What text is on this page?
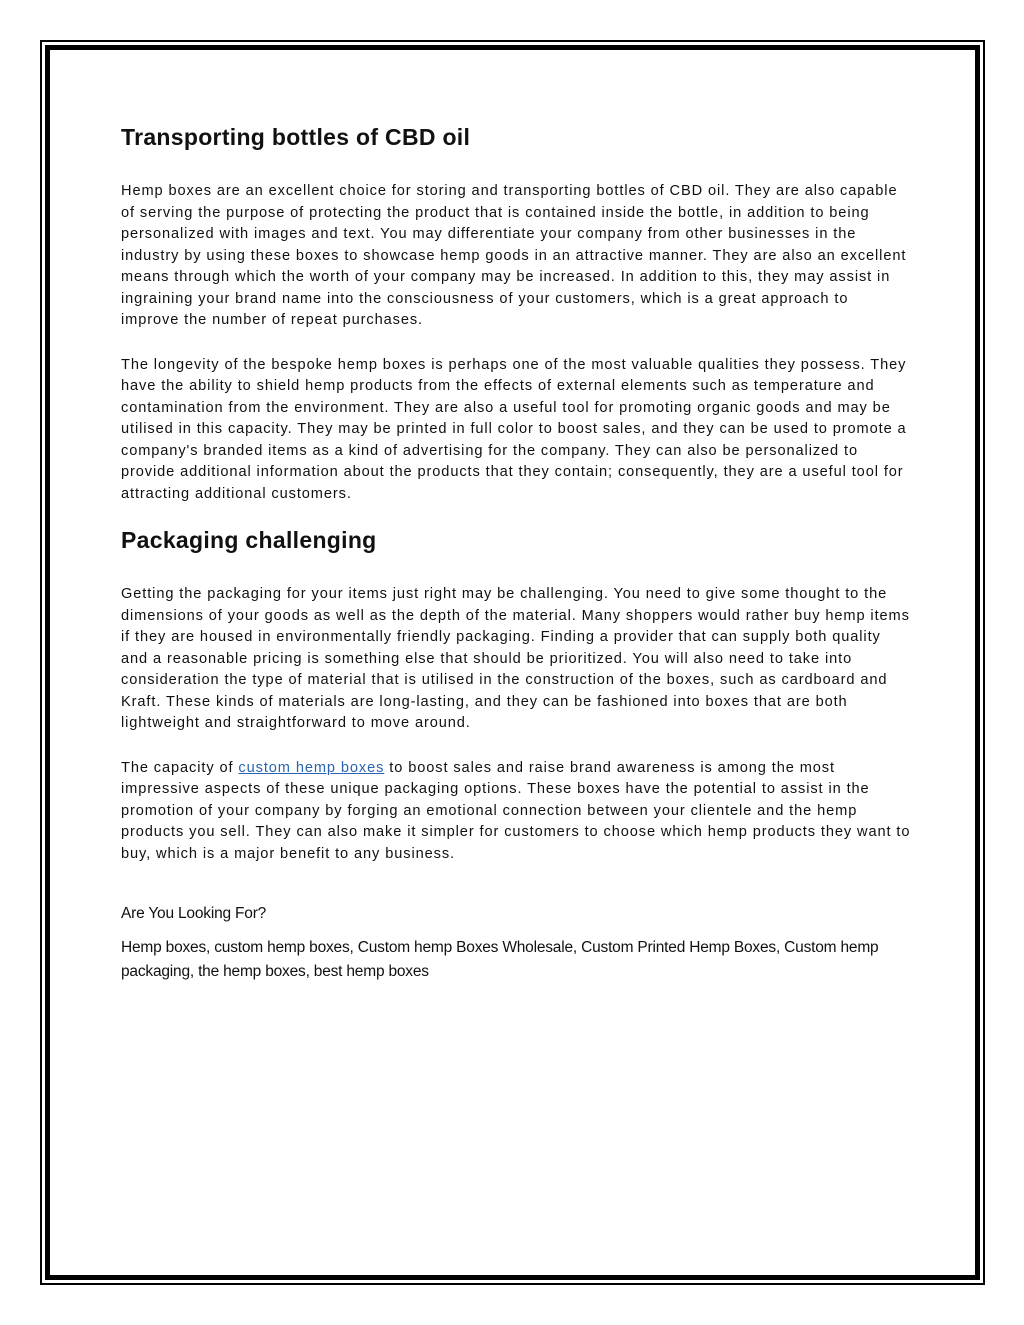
Transporting bottles of CBD oil

Hemp boxes are an excellent choice for storing and transporting bottles of CBD oil. They are also capable of serving the purpose of protecting the product that is contained inside the bottle, in addition to being personalized with images and text. You may differentiate your company from other businesses in the industry by using these boxes to showcase hemp goods in an attractive manner. They are also an excellent means through which the worth of your company may be increased. In addition to this, they may assist in ingraining your brand name into the consciousness of your customers, which is a great approach to improve the number of repeat purchases.

The longevity of the bespoke hemp boxes is perhaps one of the most valuable qualities they possess. They have the ability to shield hemp products from the effects of external elements such as temperature and contamination from the environment. They are also a useful tool for promoting organic goods and may be utilised in this capacity. They may be printed in full color to boost sales, and they can be used to promote a company's branded items as a kind of advertising for the company. They can also be personalized to provide additional information about the products that they contain; consequently, they are a useful tool for attracting additional customers.

Packaging challenging

Getting the packaging for your items just right may be challenging. You need to give some thought to the dimensions of your goods as well as the depth of the material. Many shoppers would rather buy hemp items if they are housed in environmentally friendly packaging. Finding a provider that can supply both quality and a reasonable pricing is something else that should be prioritized. You will also need to take into consideration the type of material that is utilised in the construction of the boxes, such as cardboard and Kraft. These kinds of materials are long-lasting, and they can be fashioned into boxes that are both lightweight and straightforward to move around.

The capacity of custom hemp boxes to boost sales and raise brand awareness is among the most impressive aspects of these unique packaging options. These boxes have the potential to assist in the promotion of your company by forging an emotional connection between your clientele and the hemp products you sell. They can also make it simpler for customers to choose which hemp products they want to buy, which is a major benefit to any business.

Are You Looking For?

Hemp boxes, custom hemp boxes, Custom hemp Boxes Wholesale, Custom Printed Hemp Boxes, Custom hemp packaging, the hemp boxes, best hemp boxes
